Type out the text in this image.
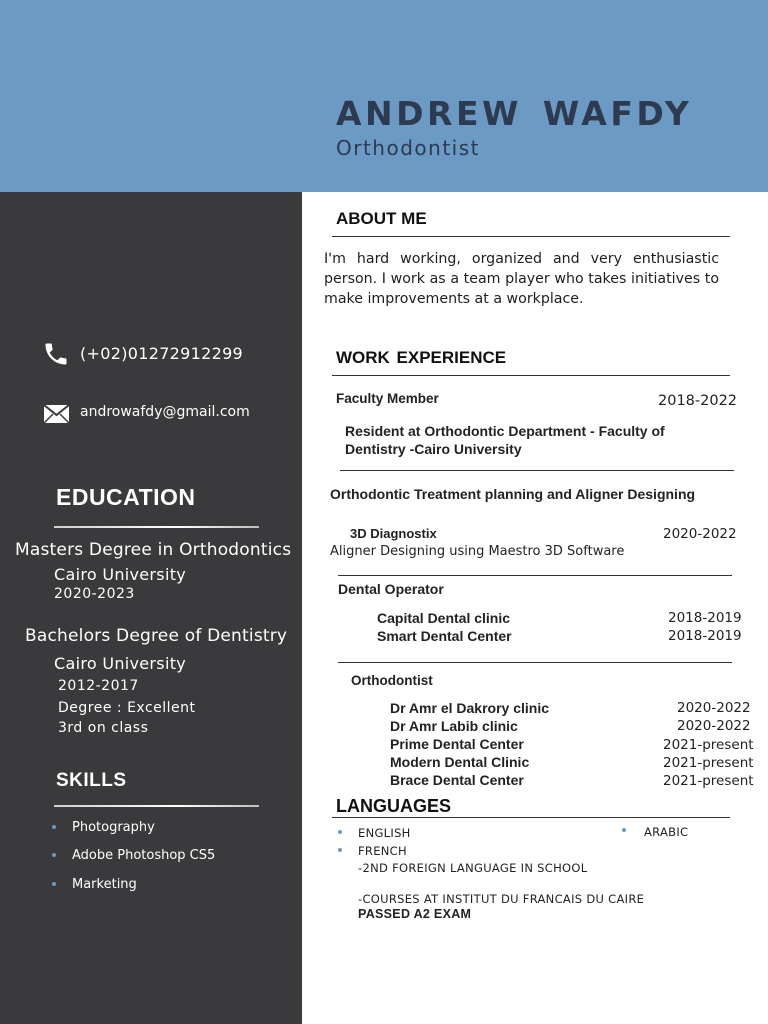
ANDREW WAFDY
Orthodontist
(+02)01272912299
androwafdy@gmail.com
EDUCATION
Masters Degree in Orthodontics
Cairo University
2020-2023
Bachelors Degree of Dentistry
Cairo University
2012-2017
Degree : Excellent
3rd on class
SKILLS
Photography
Adobe Photoshop CS5
Marketing
ABOUT ME
I'm hard working, organized and very enthusiastic person. I work as a team player who takes initiatives to make improvements at a workplace.
WORK EXPERIENCE
Faculty Member	2018-2022
Resident at Orthodontic Department - Faculty of
Dentistry -Cairo University
Orthodontic Treatment planning and Aligner Designing
3D Diagnostix	2020-2022
Aligner Designing using Maestro 3D Software
Dental Operator
Capital Dental clinic	2018-2019
Smart Dental Center	2018-2019
Orthodontist
Dr Amr el Dakrory clinic	2020-2022
Dr Amr Labib clinic	2020-2022
Prime Dental Center	2021-present
Modern Dental Clinic	2021-present
Brace Dental Center	2021-present
LANGUAGES
ENGLISH	ARABIC
FRENCH
-2ND FOREIGN LANGUAGE IN SCHOOL
-COURSES AT INSTITUT DU FRANCAIS DU CAIRE
PASSED A2 EXAM
